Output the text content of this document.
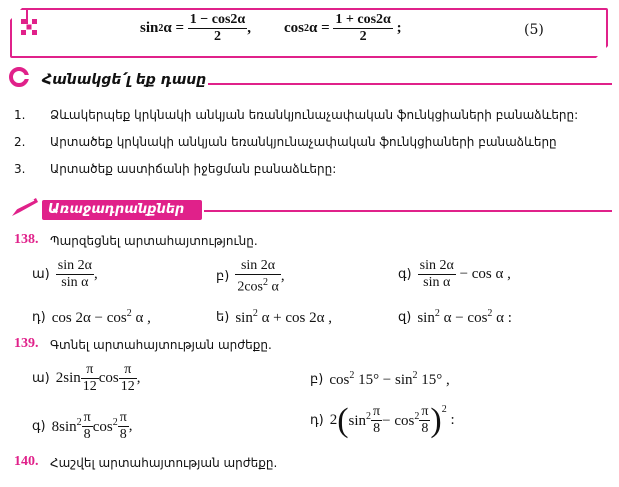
sin 2 $\alpha = \frac{1 - \cos 2\alpha}{2}$ , cos 2 $\alpha = \frac{1 + \cos 2\alpha}{2}$ ;	(5)
Հանակցե՛լ եք դասը
1. Ձևակերպեք կրկնակի անկյան եռանկյունաչափական ֆունկցիաների բանաձևերը:
2. Արտածեք կրկնակի անկյան եռանկյունաչափական ֆունկցիաների բանաձևերը
3. Արտածեք աստիճանի իջեցման բանաձևերը:
Առաջադրանքներ
138. Պարզեցնել արտահայտությունը.
ա) $\frac{\sin 2\alpha}{\text{sin α}}$ ,	բ) $\frac{\sin 2\alpha}{2\cos^2 \alpha}$ ,	գ) $\frac{\sin 2\alpha}{\text{sin α}} - \cos \alpha$ ,
դ) $\cos 2\alpha - \cos^2 \alpha$ ,	ե) $\sin^2 \alpha + \cos 2\alpha$ ,	զ) $\sin^2 \alpha - \cos^2 \alpha$ :
139. Գտնել արտահայտության արժեքը.
ա) $2\sin \frac{\pi}{12}$ $\cos \frac{\pi}{12}$ ,	բ) $\cos^2 15^\circ - \sin^2 15^\circ$ ,
գ) $8\sin^2 \frac{\pi}{8} \cos^2 \frac{\pi}{8}$ ,	դ) 2 ( $\sin^2 \frac{\pi}{8} - \cos^2 \frac{\pi}{8}$ ) 2
:
140. Հաշվել արտահայտության արժեքը.
